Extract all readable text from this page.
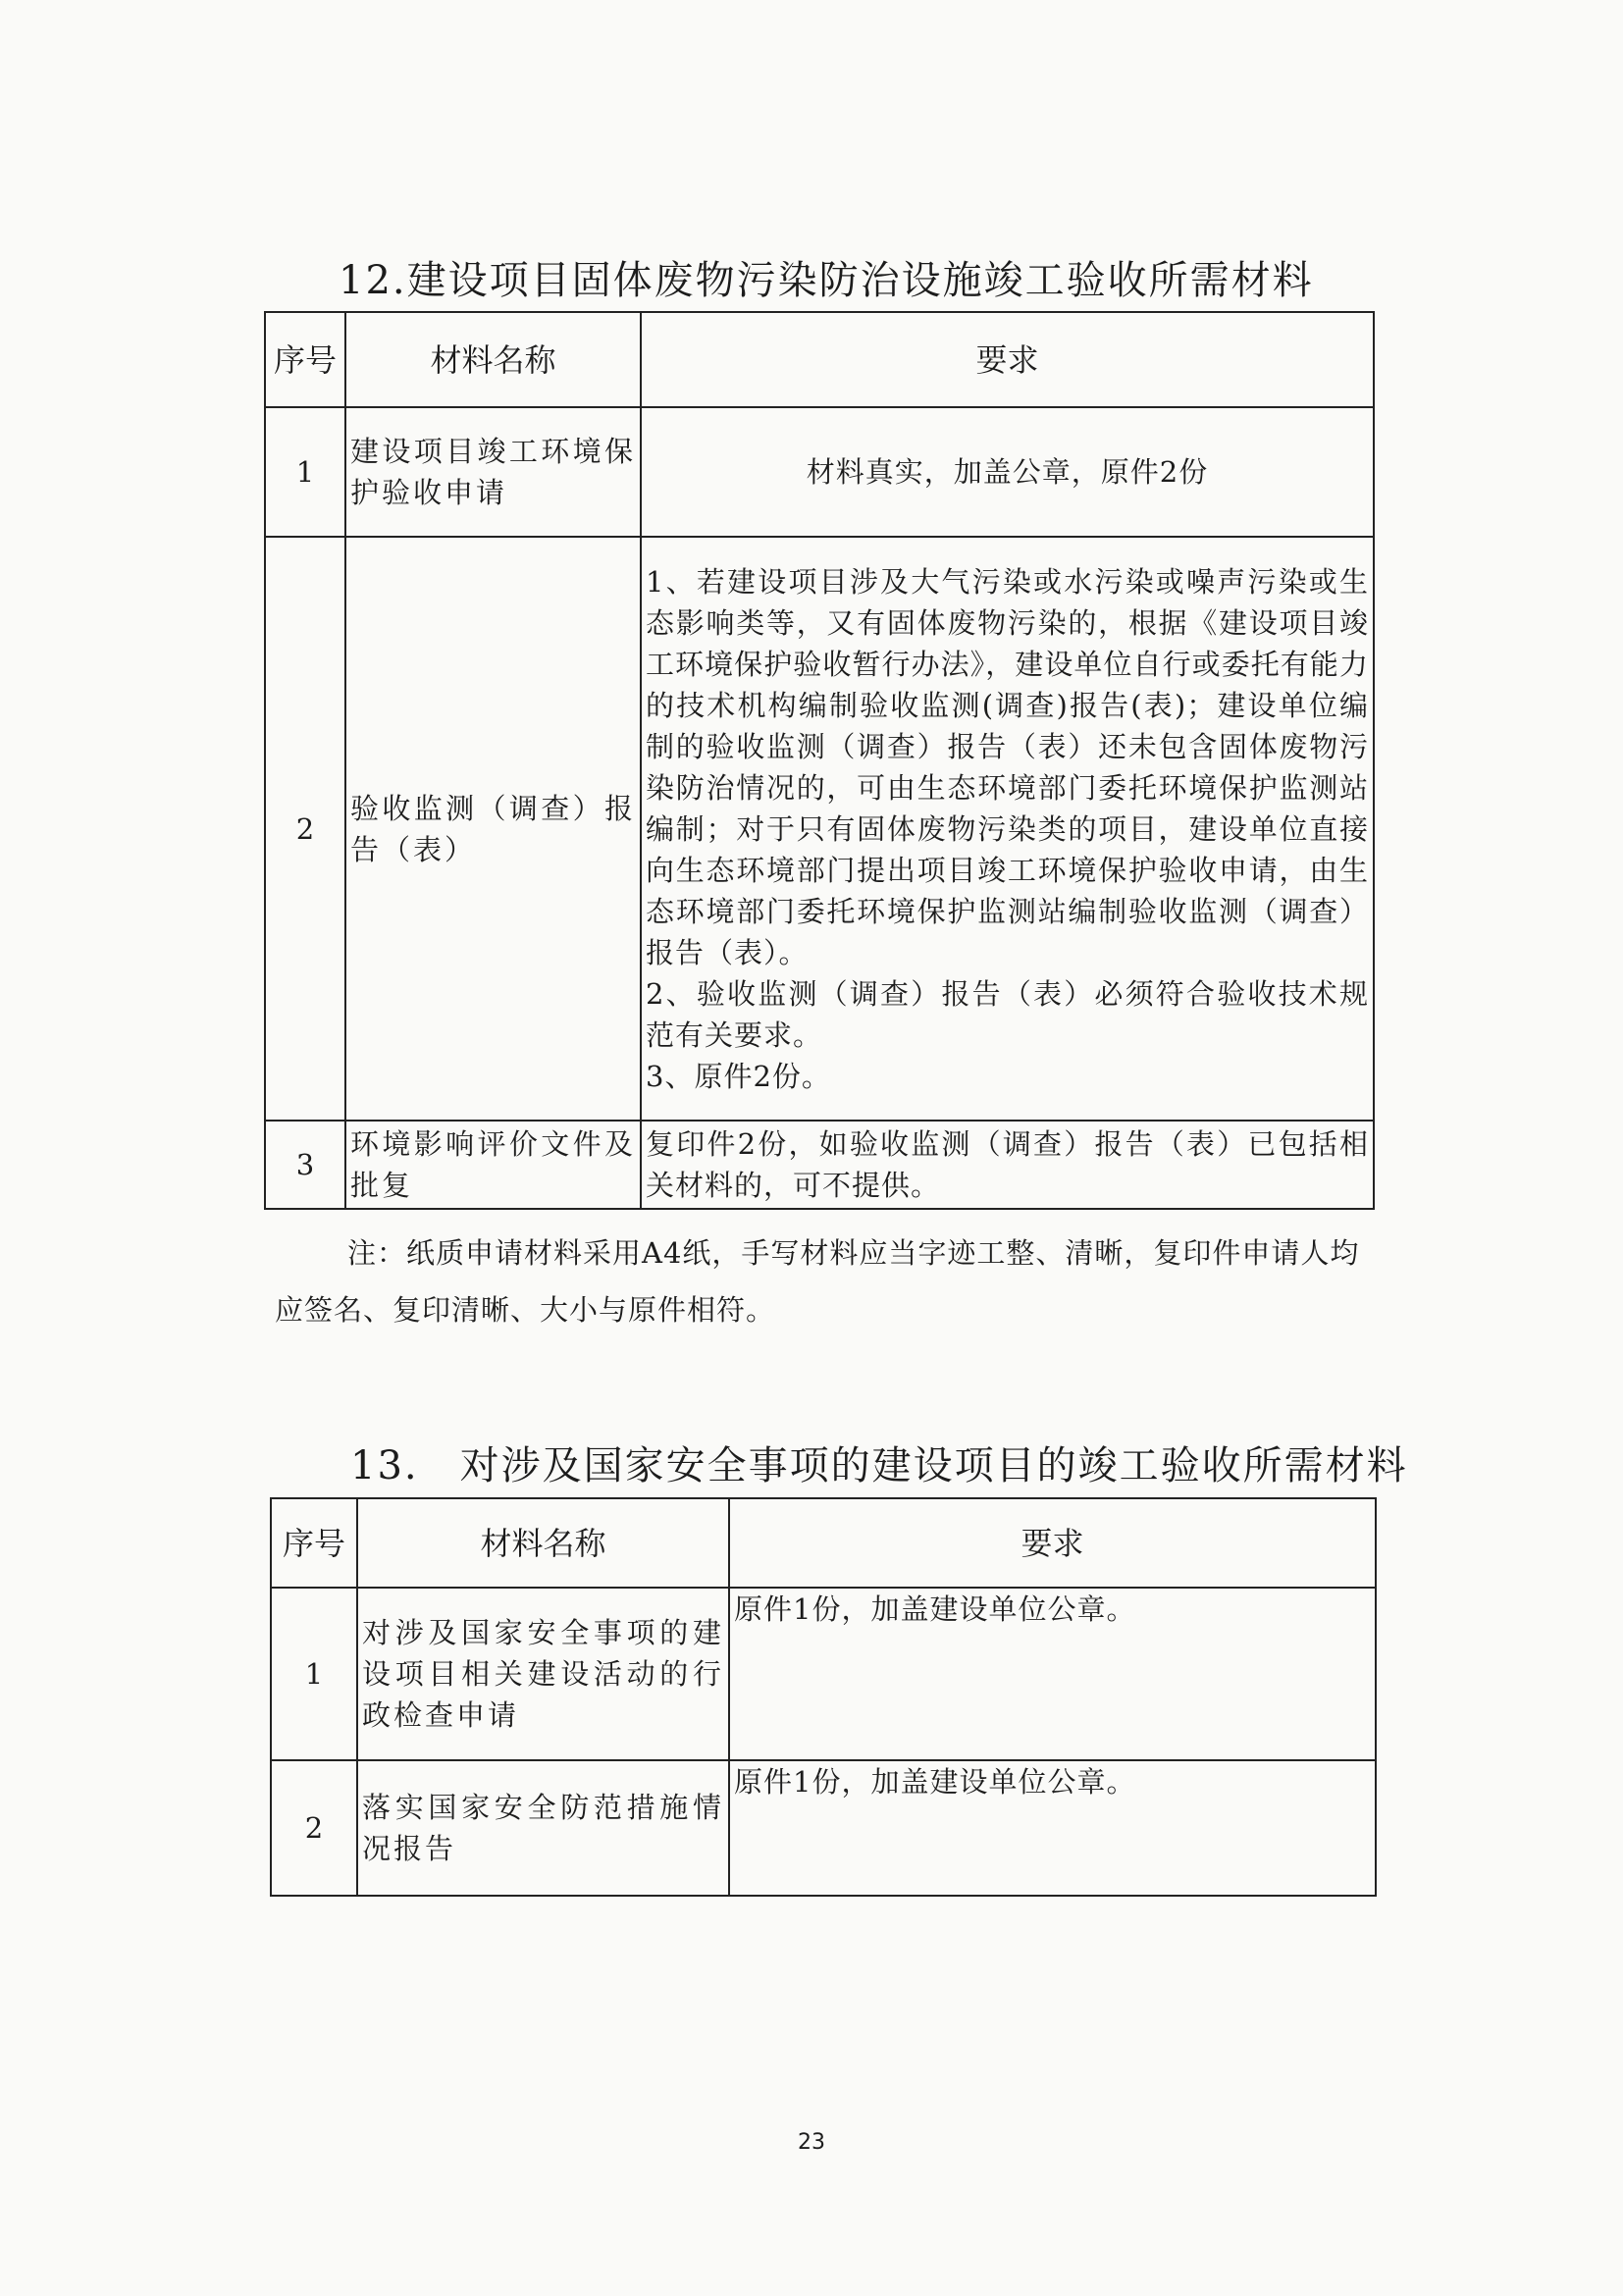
12.建设项目固体废物污染防治设施竣工验收所需材料
序号	材料名称	要求
1	建设项目竣工环境保护验收申请	材料真实，加盖公章，原件2份

2	验收监测（调查）报告（表）	1、若建设项目涉及大气污染或水污染或噪声污染或生态影响类等，又有固体废物污染的，根据《建设项目竣工环境保护验收暂行办法》，建设单位自行或委托有能力的技术机构编制验收监测(调查)报告(表)；建设单位编制的验收监测（调查）报告（表）还未包含固体废物污染防治情况的，可由生态环境部门委托环境保护监测站编制；对于只有固体废物污染类的项目，建设单位直接向生态环境部门提出项目竣工环境保护验收申请，由生态环境部门委托环境保护监测站编制验收监测（调查）报告（表）。
2、验收监测（调查）报告（表）必须符合验收技术规范有关要求。
3、原件2份。

3	环境影响评价文件及批复	复印件2份，如验收监测（调查）报告（表）已包括相关材料的，可不提供。

注：纸质申请材料采用A4纸，手写材料应当字迹工整、清晰，复印件申请人均应签名、复印清晰、大小与原件相符。

13.　对涉及国家安全事项的建设项目的竣工验收所需材料
序号	材料名称	要求
1	对涉及国家安全事项的建设项目相关建设活动的行政检查申请	原件1份，加盖建设单位公章。
2	落实国家安全防范措施情况报告	原件1份，加盖建设单位公章。
23
